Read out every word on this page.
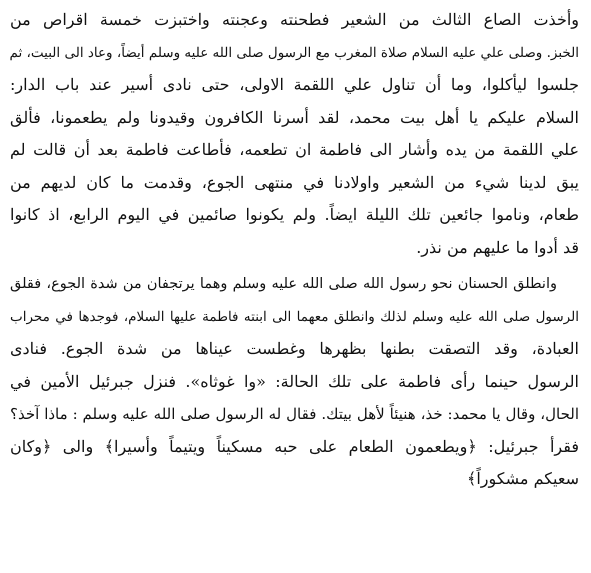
وأخذت الصاع الثالث من الشعير فطحنته وعجنته واختبزت خمسة اقراص من
الخبز. وصلى علي عليه السلام صلاة المغرب مع الرسول صلى الله عليه وسلم أيضاً، وعاد الى البيت، ثم
جلسوا ليأكلوا، وما أن تناول علي اللقمة الاولى، حتى نادى أسير عند باب الدار:
السلام عليكم يا أهل بيت محمد، لقد أسرنا الكافرون وقيدونا ولم يطعمونا، فألق
علي اللقمة من يده وأشار الى فاطمة ان تطعمه، فأطاعت فاطمة بعد أن قالت لم
يبق لدينا شيء من الشعير واولادنا في منتهى الجوع، وقدمت ما كان لديهم من
طعام، وناموا جائعين تلك الليلة ايضاً. ولم يكونوا صائمين في اليوم الرابع، اذ كانوا
قد أدوا ما عليهم من نذر.

وانطلق الحسنان نحو رسول الله صلى الله عليه وسلم وهما يرتجفان من شدة الجوع، فقلق
الرسول صلى الله عليه وسلم لذلك وانطلق معهما الى ابنته فاطمة عليها السلام، فوجدها في محراب
العبادة، وقد التصقت بطنها بظهرها وغطست عيناها من شدة الجوع. فنادى
الرسول حينما رأى فاطمة على تلك الحالة: «وا غوثاه». فنزل جبرئيل الأمين في
الحال، وقال يا محمد: خذ، هنيئاً لأهل بيتك. فقال له الرسول صلى الله عليه وسلم : ماذا آخذ؟
فقرأ جبرئيل: ﴿ويطعمون الطعام على حبه مسكيناً ويتيماً وأسيرا﴾ والى ﴿وكان
سعيكم مشكوراً﴾
